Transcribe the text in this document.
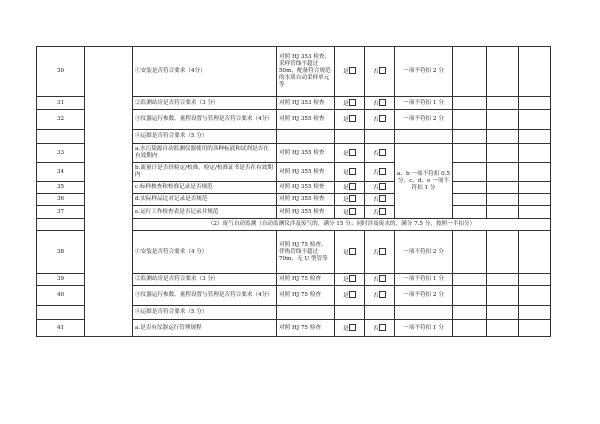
30		①安装是否符合要求（4分）	对照 HJ 353 检查，采样管线不超过50m，配备符合规范的水质自动采样单元等	是	否	一项不符扣 2 分			
31		②监测站房是否符合要求（3 分）	对照 HJ 353 检查	是	否	一项不符扣 1 分			
32		③仪器运行参数、量程设置与管理是否符合要求（4分）	对照 HJ 355 检查	是	否	一项不符扣 2 分			
		④运维是否符合要求（5 分）							
33		a.水污染源自动监测仪器使用的各种标液和试剂是否在有效期内	对照 HJ 355 检查	是	否	a、b 一项不符扣 0.5 分，c、d、e 一项不符扣 1 分			
34		b.流量计是否经检定/校准，检定/校准证书是否在有效期内	对照 HJ 355 检查	是	否				
35		c.标样核查和校准记录是否规范	对照 HJ 355 检查	是	否				
36		d.实际样品比对记录是否规范	对照 HJ 355 检查	是	否				
37		e.运行工作检查表是否记录并规范	对照 HJ 355 检查	是	否				
		（2）废气自动监测（自动监测仪涉及废气的，满分 15 分；同时涉及废水的，满分 7.5 分，按照一半扣分）							
38		①安装是否符合要求（4 分）	对照 HJ 75 检查，伴热管线不超过70m，无 U 型管等	是	否	一项不符扣 2 分			
39		②监测站房是否符合要求（3 分）	对照 HJ 75 检查	是	否	一项不符扣 1 分			
40		③仪器运行参数、量程设置与管理是否符合要求（4分）	对照 HJ 75 检查	是	否	一项不符扣 2 分			
		④运维是否符合要求（5 分）							
41		a.是否有仪器运行管理规程	对照 HJ 75 检查	是	否	一项不符扣 1 分			
